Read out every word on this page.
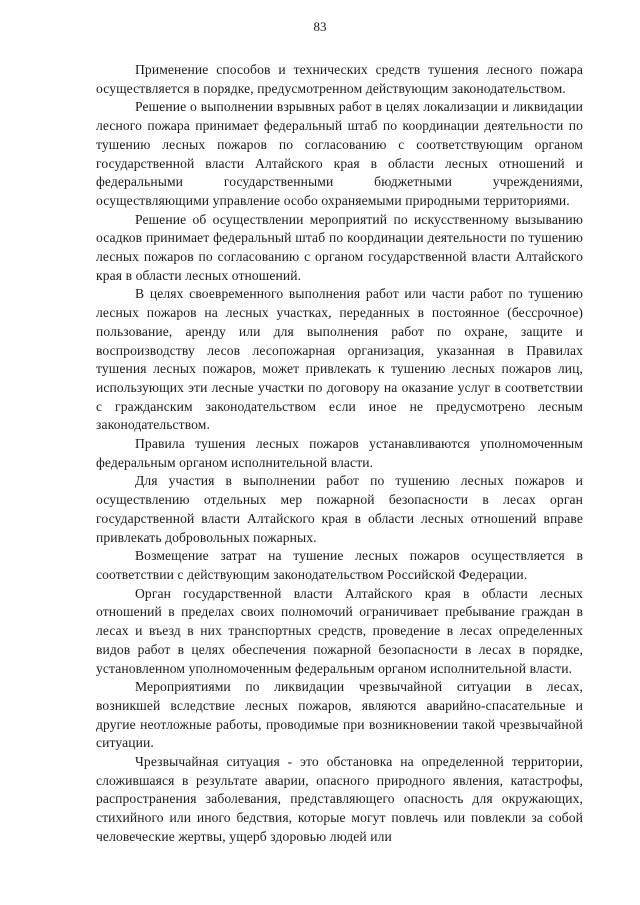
83

Применение способов и технических средств тушения лесного пожара осуществляется в порядке, предусмотренном действующим законодательством.

Решение о выполнении взрывных работ в целях локализации и ликвидации лесного пожара принимает федеральный штаб по координации деятельности по тушению лесных пожаров по согласованию с соответствующим органом государственной власти Алтайского края в области лесных отношений и федеральными государственными бюджетными учреждениями, осуществляющими управление особо охраняемыми природными территориями.

Решение об осуществлении мероприятий по искусственному вызыванию осадков принимает федеральный штаб по координации деятельности по тушению лесных пожаров по согласованию с органом государственной власти Алтайского края в области лесных отношений.

В целях своевременного выполнения работ или части работ по тушению лесных пожаров на лесных участках, переданных в постоянное (бессрочное) пользование, аренду или для выполнения работ по охране, защите и воспроизводству лесов лесопожарная организация, указанная в Правилах тушения лесных пожаров, может привлекать к тушению лесных пожаров лиц, использующих эти лесные участки по договору на оказание услуг в соответствии с гражданским законодательством если иное не предусмотрено лесным законодательством.

Правила тушения лесных пожаров устанавливаются уполномоченным федеральным органом исполнительной власти.

Для участия в выполнении работ по тушению лесных пожаров и осуществлению отдельных мер пожарной безопасности в лесах орган государственной власти Алтайского края в области лесных отношений вправе привлекать добровольных пожарных.

Возмещение затрат на тушение лесных пожаров осуществляется в соответствии с действующим законодательством Российской Федерации.

Орган государственной власти Алтайского края в области лесных отношений в пределах своих полномочий ограничивает пребывание граждан в лесах и въезд в них транспортных средств, проведение в лесах определенных видов работ в целях обеспечения пожарной безопасности в лесах в порядке, установленном уполномоченным федеральным органом исполнительной власти.

Мероприятиями по ликвидации чрезвычайной ситуации в лесах, возникшей вследствие лесных пожаров, являются аварийно-спасательные и другие неотложные работы, проводимые при возникновении такой чрезвычайной ситуации.

Чрезвычайная ситуация - это обстановка на определенной территории, сложившаяся в результате аварии, опасного природного явления, катастрофы, распространения заболевания, представляющего опасность для окружающих, стихийного или иного бедствия, которые могут повлечь или повлекли за собой человеческие жертвы, ущерб здоровью людей или
